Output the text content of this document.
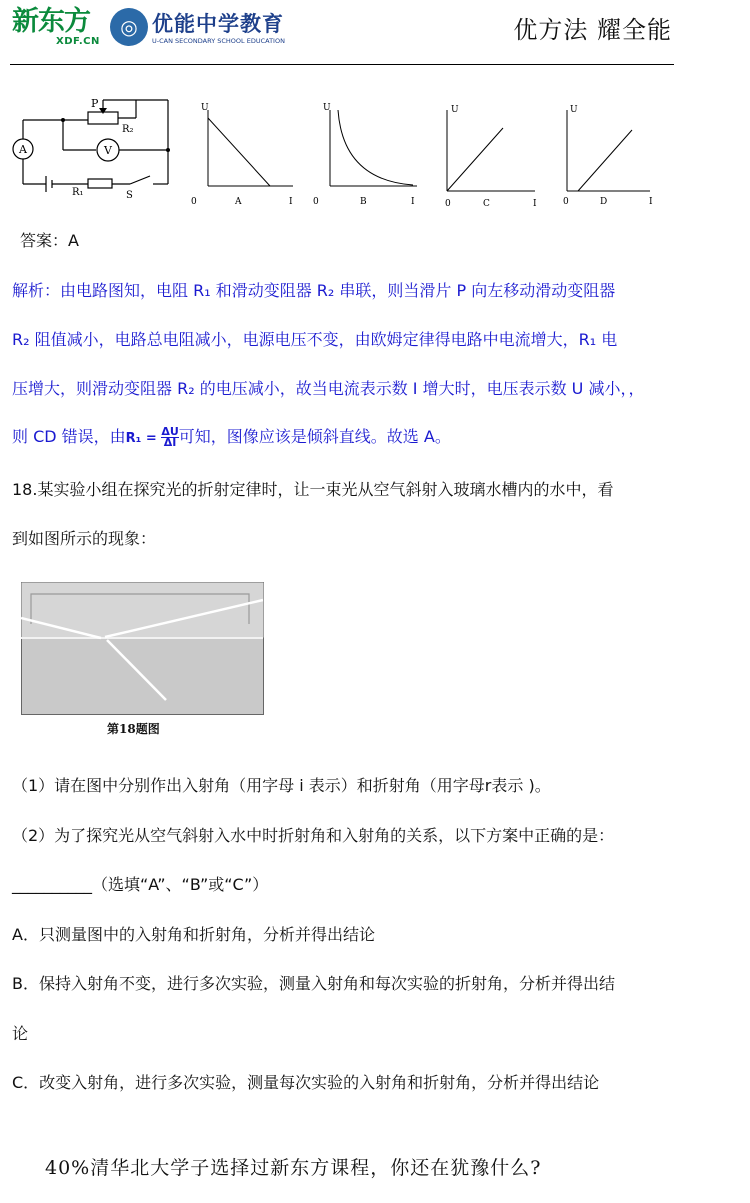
新东方
XDF.CN
◎ 优能中学教育
U-CAN SECONDARY SCHOOL EDUCATION	优方法 耀全能
A	V
P
R₂
R₁	S
U
0	A	I
U
0	B	I
U
0	C	I
U
0	D	I
答案：A
解析：由电路图知，电阻 R₁ 和滑动变阻器 R₂ 串联，则当滑片 P 向左移动滑动变阻器
R₂ 阻值减小，电路总电阻减小，电源电压不变，由欧姆定律得电路中电流增大，R₁ 电
压增大，则滑动变阻器 R₂ 的电压减小，故当电流表示数 I 增大时，电压表示数 U 减小，，
则 CD 错误，由$R_1 = \frac{\Delta U}{\Delta I}$ 可知，图像应该是倾斜直线。故选 A。
18.某实验小组在探究光的折射定律时，让一束光从空气斜射入玻璃水槽内的水中，看
到如图所示的现象：
第18题图
（1）请在图中分别作出入射角（用字母 i 表示）和折射角（用字母r表示 )。
（2）为了探究光从空气斜射入水中时折射角和入射角的关系，以下方案中正确的是：
__________（选填“A”、“B”或“C”）
A．只测量图中的入射角和折射角，分析并得出结论
B．保持入射角不变，进行多次实验，测量入射角和每次实验的折射角，分析并得出结
论
C．改变入射角，进行多次实验，测量每次实验的入射角和折射角，分析并得出结论
40%清华北大学子选择过新东方课程，你还在犹豫什么?
